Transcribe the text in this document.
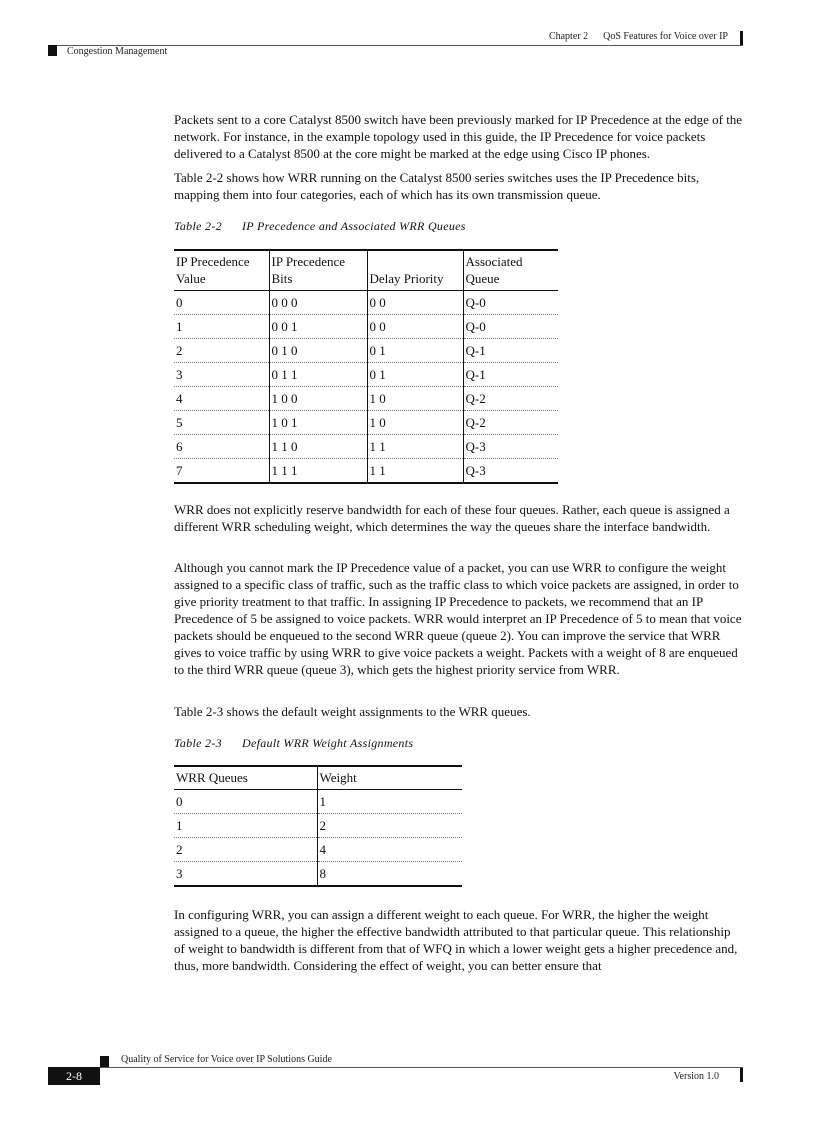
Chapter 2 QoS Features for Voice over IP
Congestion Management

Packets sent to a core Catalyst 8500 switch have been previously marked for IP Precedence at the edge of the network. For instance, in the example topology used in this guide, the IP Precedence for voice packets delivered to a Catalyst 8500 at the core might be marked at the edge using Cisco IP phones.

Table 2-2 shows how WRR running on the Catalyst 8500 series switches uses the IP Precedence bits, mapping them into four categories, each of which has its own transmission queue.

Table 2-2 IP Precedence and Associated WRR Queues
IP Precedence Value	IP Precedence Bits	Delay Priority	Associated Queue
0	0 0 0	0 0	Q-0
1	0 0 1	0 0	Q-0
2	0 1 0	0 1	Q-1
3	0 1 1	0 1	Q-1
4	1 0 0	1 0	Q-2
5	1 0 1	1 0	Q-2
6	1 1 0	1 1	Q-3
7	1 1 1	1 1	Q-3

WRR does not explicitly reserve bandwidth for each of these four queues. Rather, each queue is assigned a different WRR scheduling weight, which determines the way the queues share the interface bandwidth.

Although you cannot mark the IP Precedence value of a packet, you can use WRR to configure the weight assigned to a specific class of traffic, such as the traffic class to which voice packets are assigned, in order to give priority treatment to that traffic. In assigning IP Precedence to packets, we recommend that an IP Precedence of 5 be assigned to voice packets. WRR would interpret an IP Precedence of 5 to mean that voice packets should be enqueued to the second WRR queue (queue 2). You can improve the service that WRR gives to voice traffic by using WRR to give voice packets a weight. Packets with a weight of 8 are enqueued to the third WRR queue (queue 3), which gets the highest priority service from WRR.

Table 2-3 shows the default weight assignments to the WRR queues.

Table 2-3 Default WRR Weight Assignments
WRR Queues	Weight
0	1
1	2
2	4
3	8

In configuring WRR, you can assign a different weight to each queue. For WRR, the higher the weight assigned to a queue, the higher the effective bandwidth attributed to that particular queue. This relationship of weight to bandwidth is different from that of WFQ in which a lower weight gets a higher precedence and, thus, more bandwidth. Considering the effect of weight, you can better ensure that

Quality of Service for Voice over IP Solutions Guide
2-8	Version 1.0
